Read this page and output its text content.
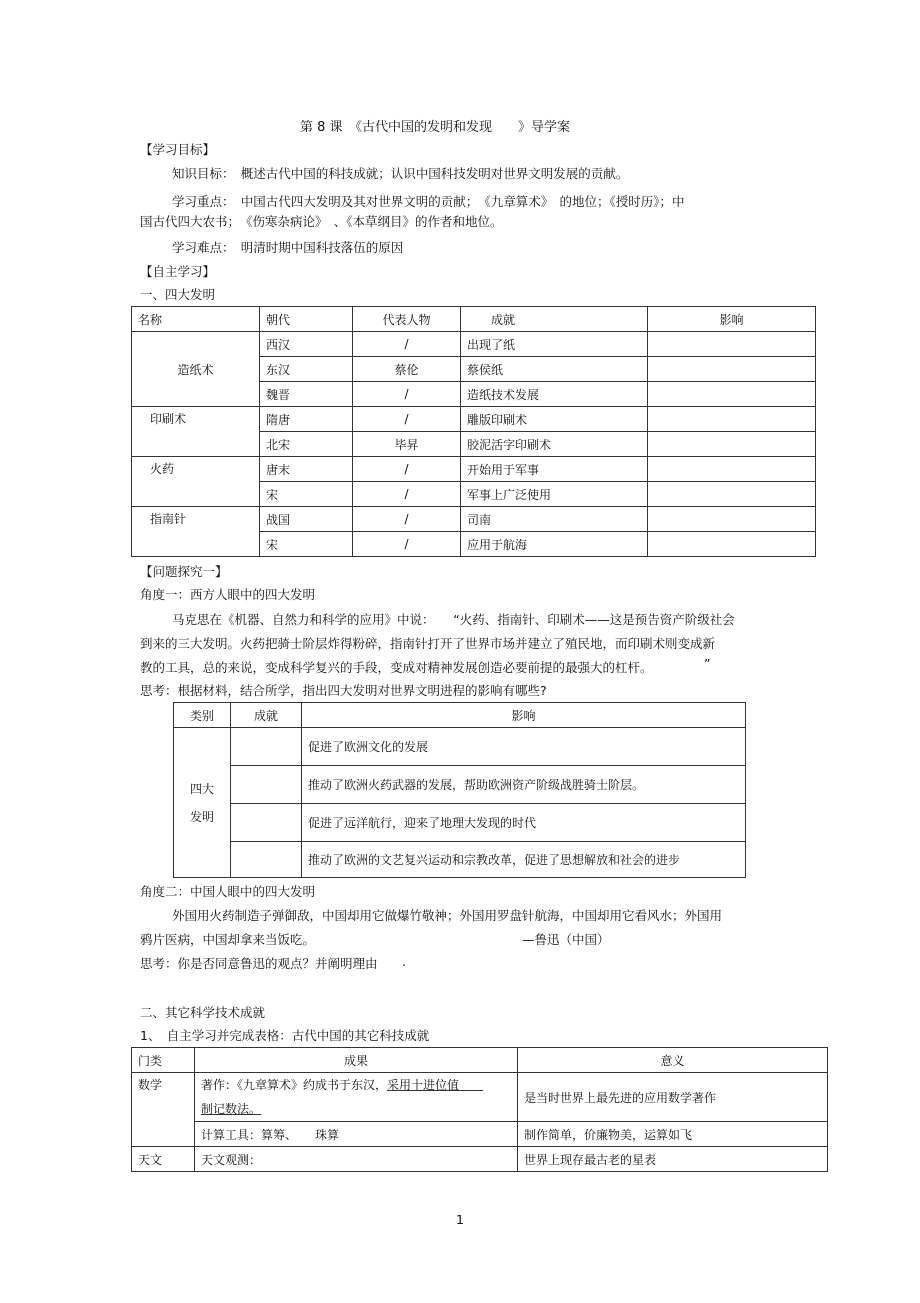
第 8 课　《古代中国的发明和发现　　》导学案
【学习目标】
知识目标：　概述古代中国的科技成就；认识中国科技发明对世界文明发展的贡献。
学习重点：　中国古代四大发明及其对世界文明的贡献；　《九章算术》　的地位；《授时历》；中
国古代四大农书；　《伤寒杂病论》　、《本草纲目》的作者和地位。
学习难点：　明清时期中国科技落伍的原因
【自主学习】
一、四大发明
名称	朝代	代表人物	成就	影响
造纸术	西汉	/	出现了纸	
	东汉	蔡伦	蔡侯纸	
	魏晋	/	造纸技术发展	
印刷术	隋唐	/	雕版印刷术	
	北宋	毕昇	胶泥活字印刷术	
火药	唐末	/	开始用于军事	
	宋	/	军事上广泛使用	
指南针	战国	/	司南	
	宋	/	应用于航海	
【问题探究一】
角度一：西方人眼中的四大发明
马克思在《机器、自然力和科学的应用》中说：　　“火药、指南针、印刷术——这是预告资产阶级社会
到来的三大发明。火药把骑士阶层炸得粉碎，指南针打开了世界市场并建立了殖民地，而印刷术则变成新
教的工具，总的来说，变成科学复兴的手段，变成对精神发展创造必要前提的最强大的杠杆。	”
思考：根据材料，结合所学，指出四大发明对世界文明进程的影响有哪些?
类别	成就	影响
四大
发明		促进了欧洲文化的发展
		推动了欧洲火药武器的发展，帮助欧洲资产阶级战胜骑士阶层。
		促进了远洋航行，迎来了地理大发现的时代
		推动了欧洲的文艺复兴运动和宗教改革，促进了思想解放和社会的进步
角度二：中国人眼中的四大发明
外国用火药制造子弹御敌，中国却用它做爆竹敬神；外国用罗盘针航海，中国却用它看风水；外国用
鸦片医病，中国却拿来当饭吃。	—鲁迅（中国）
思考：你是否同意鲁迅的观点？并阐明理由 .
二、其它科学技术成就
1、　自主学习并完成表格：古代中国的其它科技成就
门类	成果	意义
数学	著作：《九章算术》约成书于东汉，采用十进位值　　
制记数法。	是当时世界上最先进的应用数学著作
	计算工具：算筹、　　珠算	制作简单，价廉物美，运算如飞
天文	天文观测：	世界上现存最古老的星表
1
